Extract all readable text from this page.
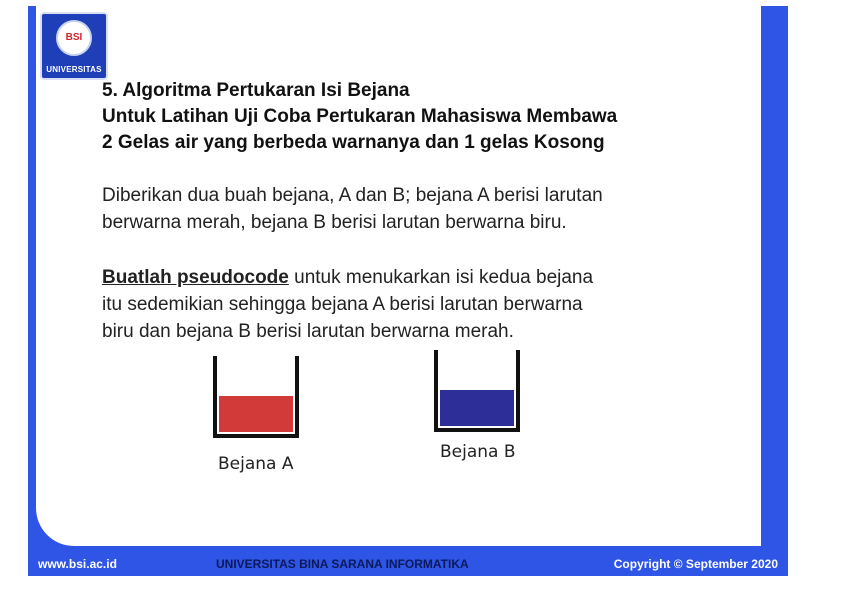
BSI
UNIVERSITAS
5. Algoritma Pertukaran Isi Bejana
Untuk Latihan Uji Coba Pertukaran Mahasiswa Membawa
2 Gelas air yang berbeda warnanya dan 1 gelas Kosong
Diberikan dua buah bejana, A dan B; bejana A berisi larutan
berwarna merah, bejana B berisi larutan berwarna biru.
Buatlah pseudocode untuk menukarkan isi kedua bejana
itu sedemikian sehingga bejana A berisi larutan berwarna
biru dan bejana B berisi larutan berwarna merah.
Bejana A
Bejana B
www.bsi.ac.id	UNIVERSITAS BINA SARANA INFORMATIKA	Copyright © September 2020
